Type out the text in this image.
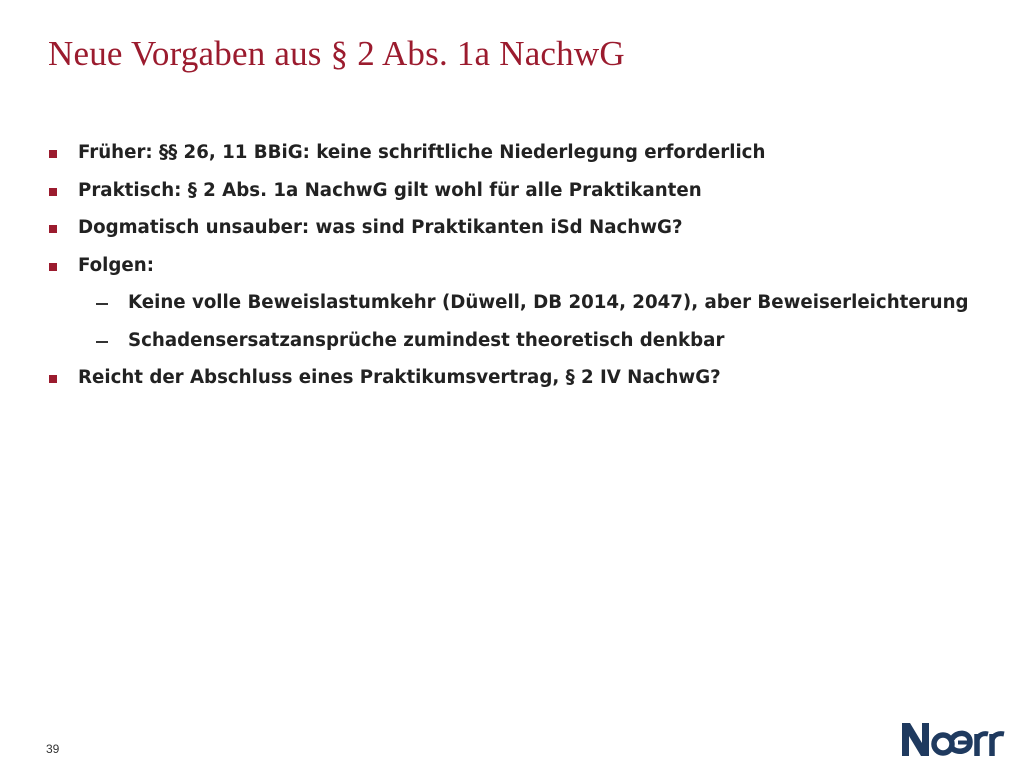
Neue Vorgaben aus § 2 Abs. 1a NachwG
Früher: §§ 26, 11 BBiG: keine schriftliche Niederlegung erforderlich
Praktisch: § 2 Abs. 1a NachwG gilt wohl für alle Praktikanten
Dogmatisch unsauber: was sind Praktikanten iSd NachwG?
Folgen:
Keine volle Beweislastumkehr (Düwell, DB 2014, 2047), aber Beweiserleichterung
Schadensersatzansprüche zumindest theoretisch denkbar
Reicht der Abschluss eines Praktikumsvertrag, § 2 IV NachwG?
39
